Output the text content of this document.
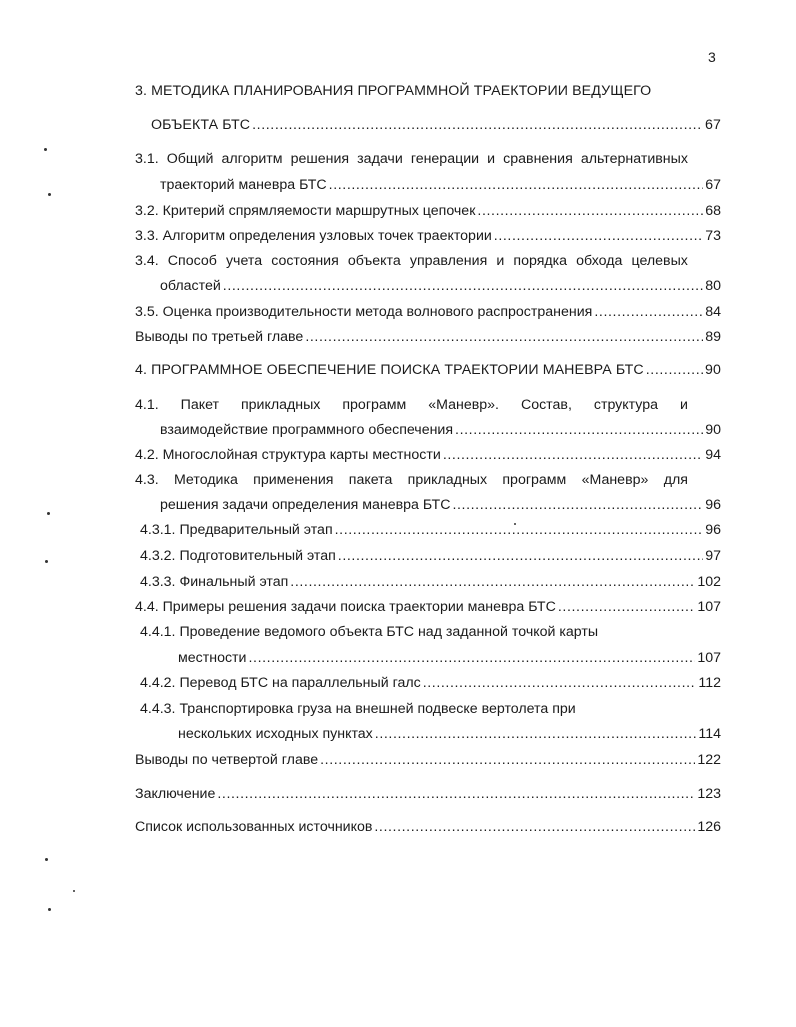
3
3. МЕТОДИКА ПЛАНИРОВАНИЯ ПРОГРАММНОЙ ТРАЕКТОРИИ ВЕДУЩЕГО
ОБЪЕКТА БТС .....	67
3.1. Общий алгоритм решения задачи генерации и сравнения альтернативных
траекторий маневра БТС .....	67
3.2. Критерий спрямляемости маршрутных цепочек .....	68
3.3. Алгоритм определения узловых точек траектории .....	73
3.4. Способ учета состояния объекта управления и порядка обхода целевых
областей .....	80
3.5. Оценка производительности метода волнового распространения .....	84
Выводы по третьей главе .....	89
4. ПРОГРАММНОЕ ОБЕСПЕЧЕНИЕ ПОИСКА ТРАЕКТОРИИ МАНЕВРА БТС .....	90
4.1. Пакет прикладных программ «Маневр». Состав, структура и
взаимодействие программного обеспечения .....	90
4.2. Многослойная структура карты местности .....	94
4.3. Методика применения пакета прикладных программ «Маневр» для
решения задачи определения маневра БТС .....	96
4.3.1. Предварительный этап .....	96
4.3.2. Подготовительный этап .....	97
4.3.3. Финальный этап .....	102
4.4. Примеры решения задачи поиска траектории маневра БТС .....	107
4.4.1. Проведение ведомого объекта БТС над заданной точкой карты
местности .....	107
4.4.2. Перевод БТС на параллельный галс .....	112
4.4.3. Транспортировка груза на внешней подвеске вертолета при
нескольких исходных пунктах .....	114
Выводы по четвертой главе .....	122
Заключение .....	123
Список использованных источников .....	126
